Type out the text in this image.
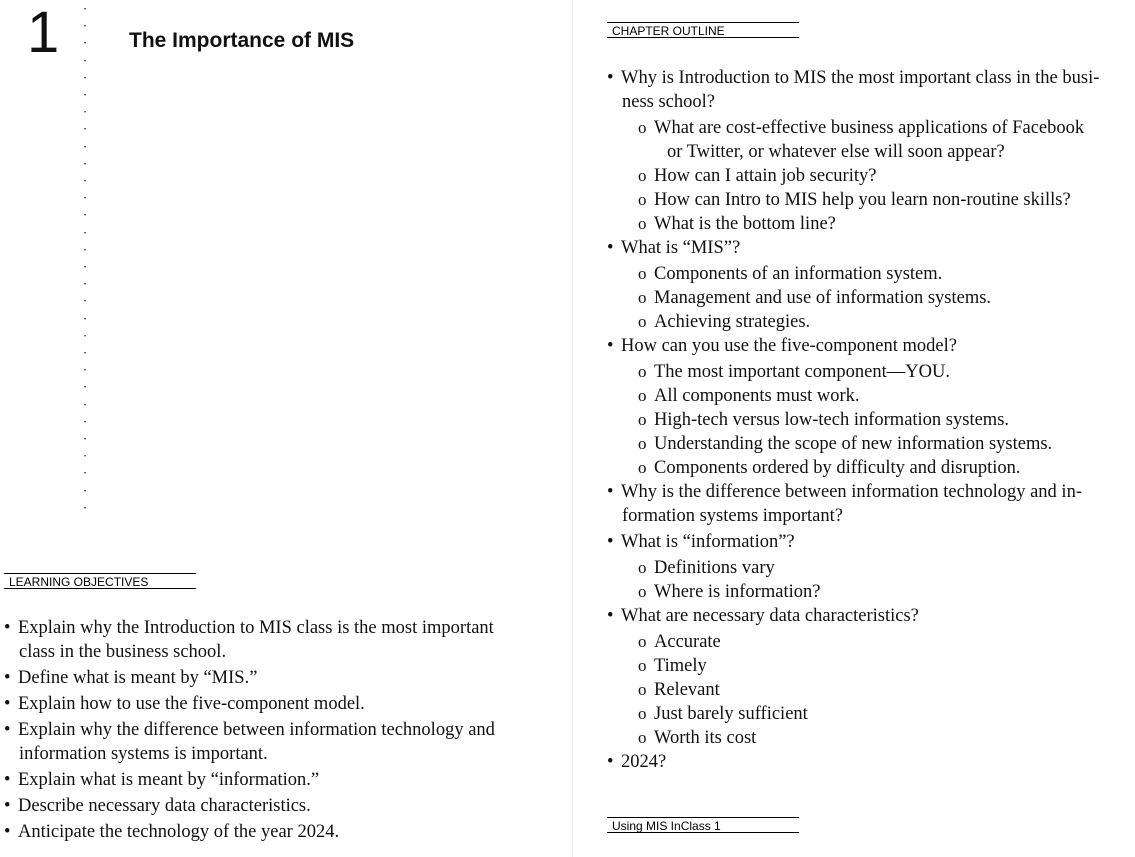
1 ·
·
·
·
·
·
·
·
·
·
·
·
·
·
·
·
·
·
·
·
·
·
·
·
·
·
·
·
·
·
The Importance of MIS
LEARNING OBJECTIVES
• Explain why the Introduction to MIS class is the most important
class in the business school.
• Define what is meant by “MIS.”
• Explain how to use the five-component model.
• Explain why the difference between information technology and
information systems is important.
• Explain what is meant by “information.”
• Describe necessary data characteristics.
• Anticipate the technology of the year 2024.
CHAPTER OUTLINE
Using MIS InClass 1
• Why is Introduction to MIS the most important class in the busi-
ness school?
o What are cost-effective business applications of Facebook
or Twitter, or whatever else will soon appear?
o How can I attain job security?
o How can Intro to MIS help you learn non-routine skills?
o What is the bottom line?
• What is “MIS”?
o Components of an information system.
o Management and use of information systems.
o Achieving strategies.
• How can you use the five-component model?
o The most important component—YOU.
o All components must work.
o High-tech versus low-tech information systems.
o Understanding the scope of new information systems.
o Components ordered by difficulty and disruption.
• Why is the difference between information technology and in-
formation systems important?
• What is “information”?
o Definitions vary
o Where is information?
• What are necessary data characteristics?
o Accurate
o Timely
o Relevant
o Just barely sufficient
o Worth its cost
• 2024?
